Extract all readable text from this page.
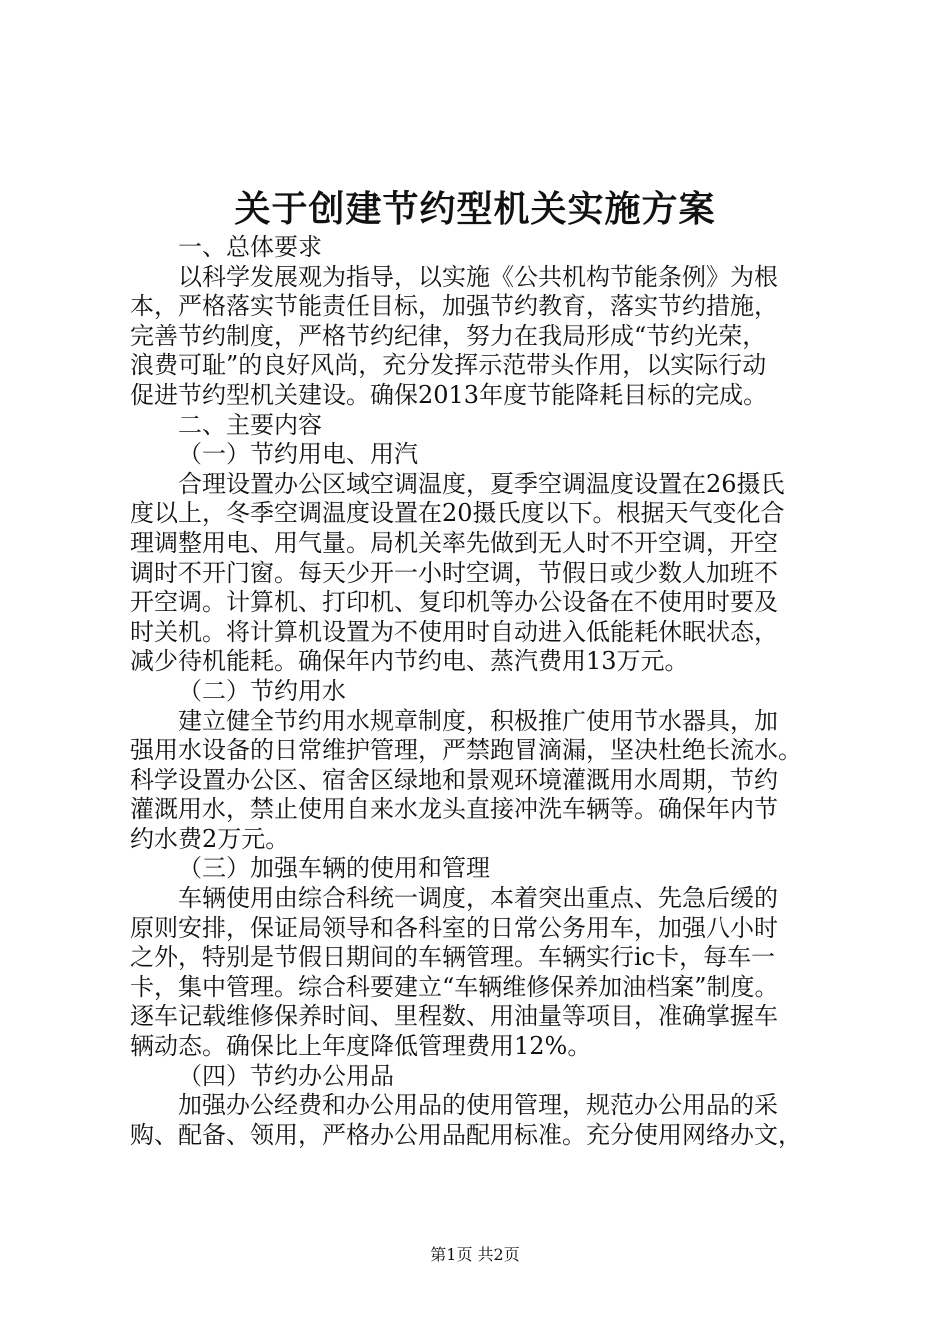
关于创建节约型机关实施方案
一、总体要求
以科学发展观为指导，以实施《公共机构节能条例》为根
本，严格落实节能责任目标，加强节约教育，落实节约措施，
完善节约制度，严格节约纪律，努力在我局形成“节约光荣，
浪费可耻”的良好风尚，充分发挥示范带头作用，以实际行动
促进节约型机关建设。确保2013年度节能降耗目标的完成。
二、主要内容
（一）节约用电、用汽
合理设置办公区域空调温度，夏季空调温度设置在26摄氏
度以上，冬季空调温度设置在20摄氏度以下。根据天气变化合
理调整用电、用气量。局机关率先做到无人时不开空调，开空
调时不开门窗。每天少开一小时空调，节假日或少数人加班不
开空调。计算机、打印机、复印机等办公设备在不使用时要及
时关机。将计算机设置为不使用时自动进入低能耗休眠状态，
减少待机能耗。确保年内节约电、蒸汽费用13万元。
（二）节约用水
建立健全节约用水规章制度，积极推广使用节水器具，加
强用水设备的日常维护管理，严禁跑冒滴漏，坚决杜绝长流水。
科学设置办公区、宿舍区绿地和景观环境灌溉用水周期，节约
灌溉用水，禁止使用自来水龙头直接冲洗车辆等。确保年内节
约水费2万元。
（三）加强车辆的使用和管理
车辆使用由综合科统一调度，本着突出重点、先急后缓的
原则安排，保证局领导和各科室的日常公务用车，加强八小时
之外，特别是节假日期间的车辆管理。车辆实行ic卡，每车一
卡，集中管理。综合科要建立“车辆维修保养加油档案”制度。
逐车记载维修保养时间、里程数、用油量等项目，准确掌握车
辆动态。确保比上年度降低管理费用12%。
（四）节约办公用品
加强办公经费和办公用品的使用管理，规范办公用品的采
购、配备、领用，严格办公用品配用标准。充分使用网络办文，
第1页 共2页
